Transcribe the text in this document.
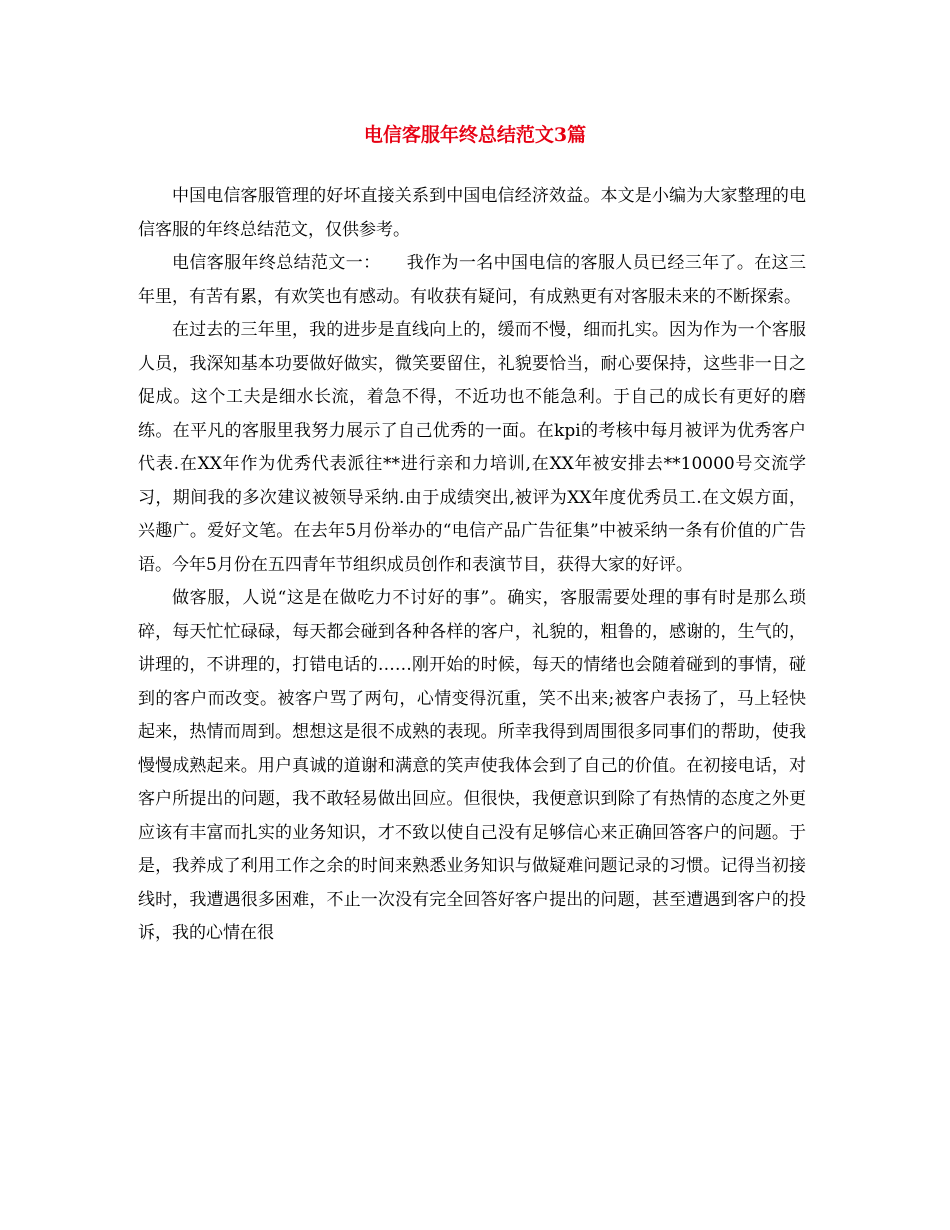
电信客服年终总结范文3篇

中国电信客服管理的好坏直接关系到中国电信经济效益。本文是小编为大家整理的电信客服的年终总结范文，仅供参考。

电信客服年终总结范文一：　　我作为一名中国电信的客服人员已经三年了。在这三年里，有苦有累，有欢笑也有感动。有收获有疑问，有成熟更有对客服未来的不断探索。

在过去的三年里，我的进步是直线向上的，缓而不慢，细而扎实。因为作为一个客服人员，我深知基本功要做好做实，微笑要留住，礼貌要恰当，耐心要保持，这些非一日之促成。这个工夫是细水长流，着急不得，不近功也不能急利。于自己的成长有更好的磨练。在平凡的客服里我努力展示了自己优秀的一面。在kpi的考核中每月被评为优秀客户代表.在XX年作为优秀代表派往**进行亲和力培训,在XX年被安排去**10000号交流学习，期间我的多次建议被领导采纳.由于成绩突出,被评为XX年度优秀员工.在文娱方面，兴趣广。爱好文笔。在去年5月份举办的“电信产品广告征集”中被采纳一条有价值的广告语。今年5月份在五四青年节组织成员创作和表演节目，获得大家的好评。

做客服，人说“这是在做吃力不讨好的事”。确实，客服需要处理的事有时是那么琐碎，每天忙忙碌碌，每天都会碰到各种各样的客户，礼貌的，粗鲁的，感谢的，生气的，讲理的，不讲理的，打错电话的……刚开始的时候，每天的情绪也会随着碰到的事情，碰到的客户而改变。被客户骂了两句，心情变得沉重，笑不出来;被客户表扬了，马上轻快起来，热情而周到。想想这是很不成熟的表现。所幸我得到周围很多同事们的帮助，使我慢慢成熟起来。用户真诚的道谢和满意的笑声使我体会到了自己的价值。在初接电话，对客户所提出的问题，我不敢轻易做出回应。但很快，我便意识到除了有热情的态度之外更应该有丰富而扎实的业务知识，才不致以使自己没有足够信心来正确回答客户的问题。于是，我养成了利用工作之余的时间来熟悉业务知识与做疑难问题记录的习惯。记得当初接线时，我遭遇很多困难，不止一次没有完全回答好客户提出的问题，甚至遭遇到客户的投诉，我的心情在很
